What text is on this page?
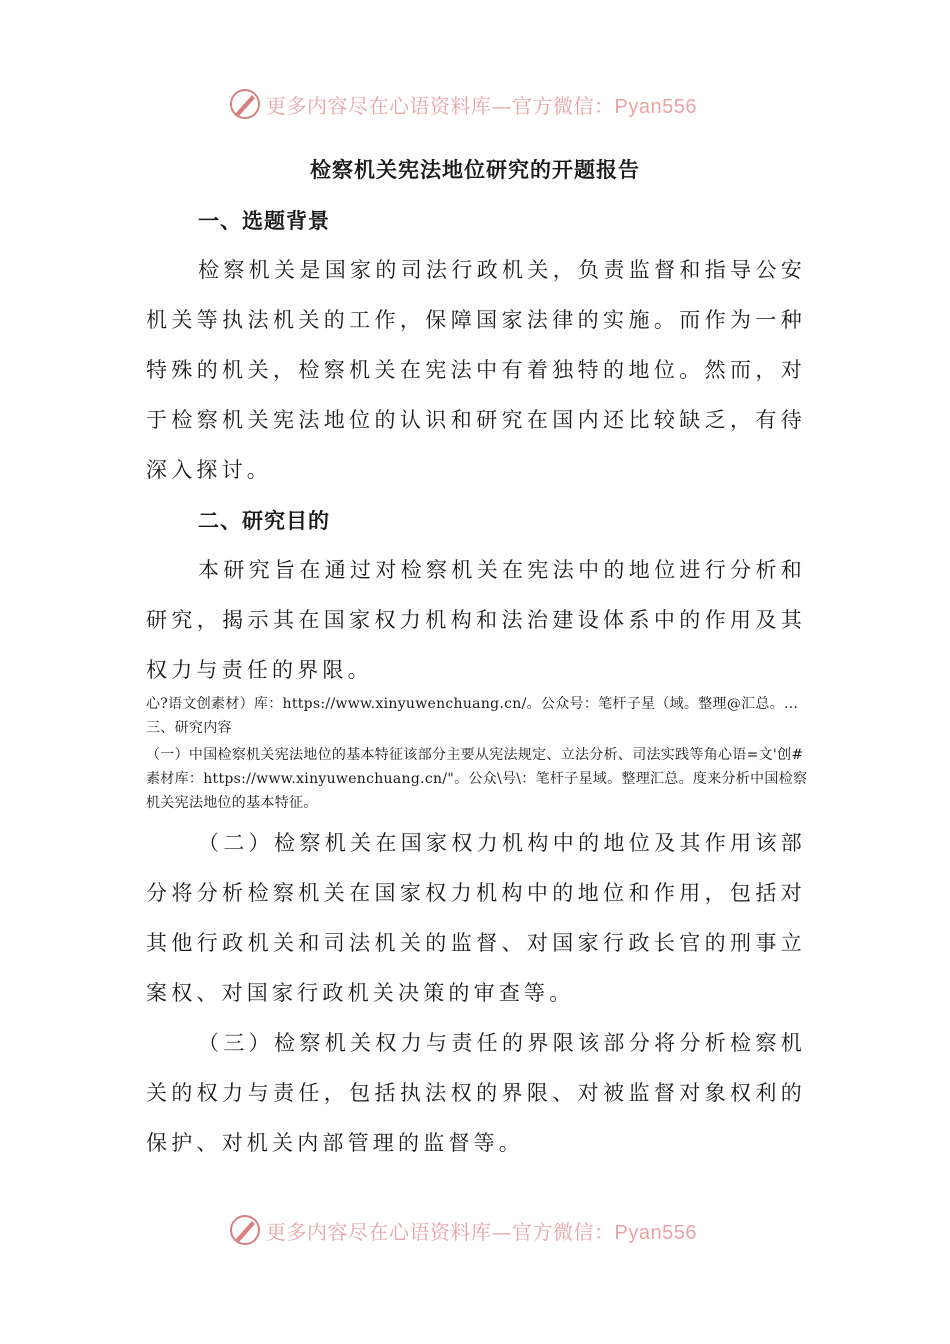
更多内容尽在心语资料库—官方微信：Pyan556
检察机关宪法地位研究的开题报告
一、选题背景

检察机关是国家的司法行政机关，负责监督和指导公安机关等执法机关的工作，保障国家法律的实施。而作为一种特殊的机关，检察机关在宪法中有着独特的地位。然而，对于检察机关宪法地位的认识和研究在国内还比较缺乏，有待深入探讨。

二、研究目的

本研究旨在通过对检察机关在宪法中的地位进行分析和研究，揭示其在国家权力机构和法治建设体系中的作用及其权力与责任的界限。

心?语文创素材）库：https://www.xinyuwenchuang.cn/。公众号：笔杆子星（域。整理@汇总。…三、研究内容

（一）中国检察机关宪法地位的基本特征该部分主要从宪法规定、立法分析、司法实践等角心语=文'创#素材库：https://www.xinyuwenchuang.cn/"。公众\号\：笔杆子星域。整理汇总。度来分析中国检察机关宪法地位的基本特征。

（二）检察机关在国家权力机构中的地位及其作用该部分将分析检察机关在国家权力机构中的地位和作用，包括对其他行政机关和司法机关的监督、对国家行政长官的刑事立案权、对国家行政机关决策的审查等。

（三）检察机关权力与责任的界限该部分将分析检察机关的权力与责任，包括执法权的界限、对被监督对象权利的保护、对机关内部管理的监督等。

更多内容尽在心语资料库—官方微信：Pyan556
